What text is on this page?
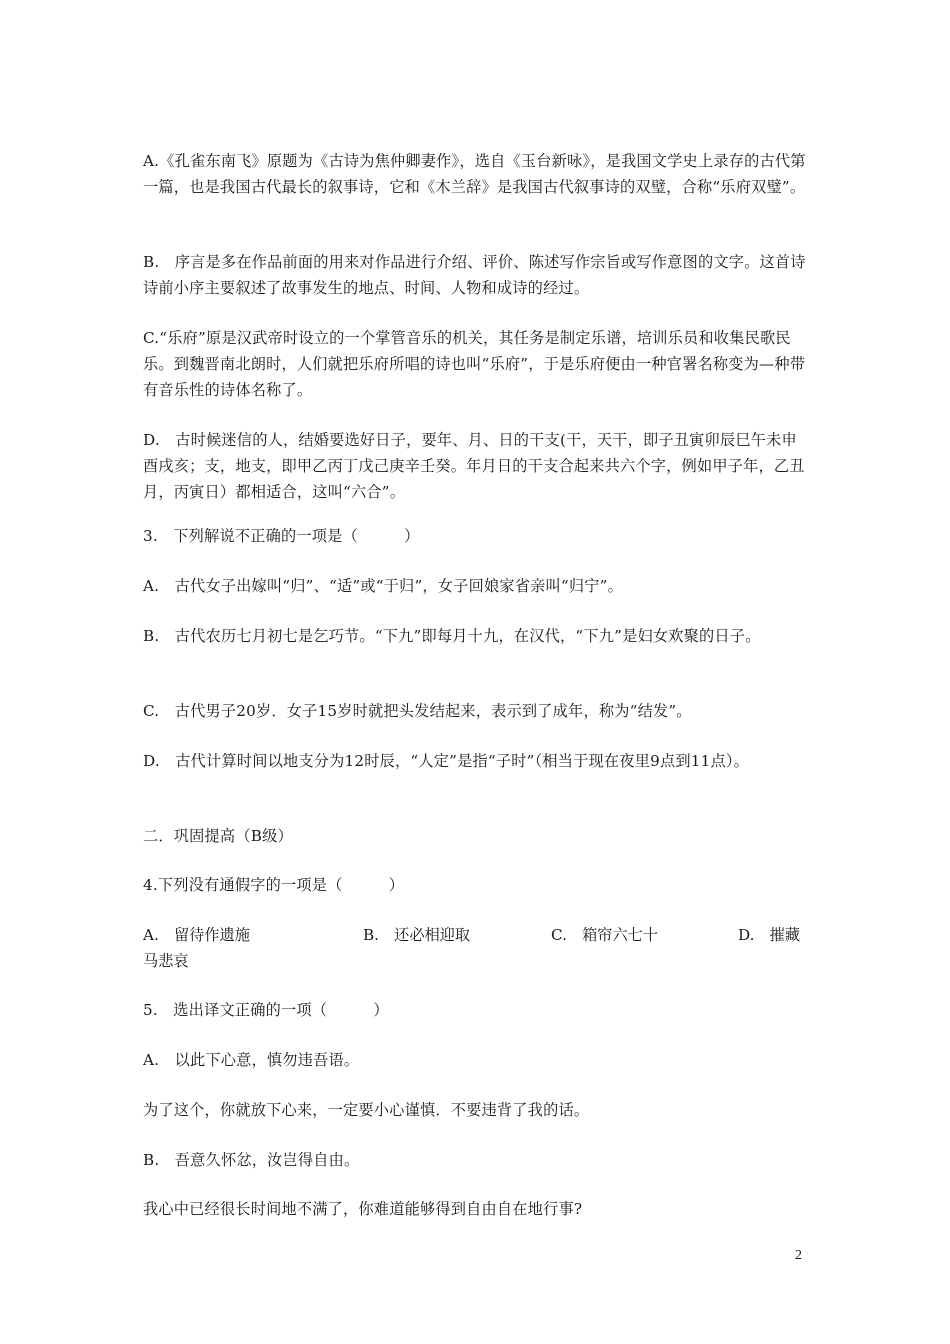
A.《孔雀东南飞》原题为《古诗为焦仲卿妻作》，选自《玉台新咏》，是我国文学史上录存的古代第一篇，也是我国古代最长的叙事诗，它和《木兰辞》是我国古代叙事诗的双璧，合称“乐府双璧”。

B.　序言是多在作品前面的用来对作品进行介绍、评价、陈述写作宗旨或写作意图的文字。这首诗诗前小序主要叙述了故事发生的地点、时间、人物和成诗的经过。

C.“乐府”原是汉武帝时设立的一个掌管音乐的机关，其任务是制定乐谱，培训乐员和收集民歌民乐。到魏晋南北朗时，人们就把乐府所唱的诗也叫“乐府”，于是乐府便由一种官署名称变为—种带有音乐性的诗体名称了。

D.　古时候迷信的人，结婚要选好日子，要年、月、日的干支(干，天干，即子丑寅卯辰巳午未申酉戌亥；支，地支，即甲乙丙丁戊己庚辛壬癸。年月日的干支合起来共六个字，例如甲子年，乙丑月，丙寅日）都相适合，这叫“六合”。

3.　下列解说不正确的一项是（　　　）

A.　古代女子出嫁叫“归”、“适”或“于归”，女子回娘家省亲叫“归宁”。

B.　古代农历七月初七是乞巧节。“下九”即每月十九，在汉代，“下九”是妇女欢聚的日子。

C.　古代男子20岁．女子15岁时就把头发结起来，表示到了成年，称为“结发”。

D.　古代计算时间以地支分为12时辰，“人定”是指“子时”（相当于现在夜里9点到11点）。

二．巩固提高（B级）

4.下列没有通假字的一项是（　　　）

A.　留待作遗施	B.　还必相迎取	C.　箱帘六七十	D.　摧藏
马悲哀

5.　选出译文正确的一项（　　　）

A.　以此下心意，慎勿违吾语。

为了这个，你就放下心来，一定要小心谨慎．不要违背了我的话。

B.　吾意久怀忿，汝岂得自由。

我心中已经很长时间地不满了，你难道能够得到自由自在地行事?

2
